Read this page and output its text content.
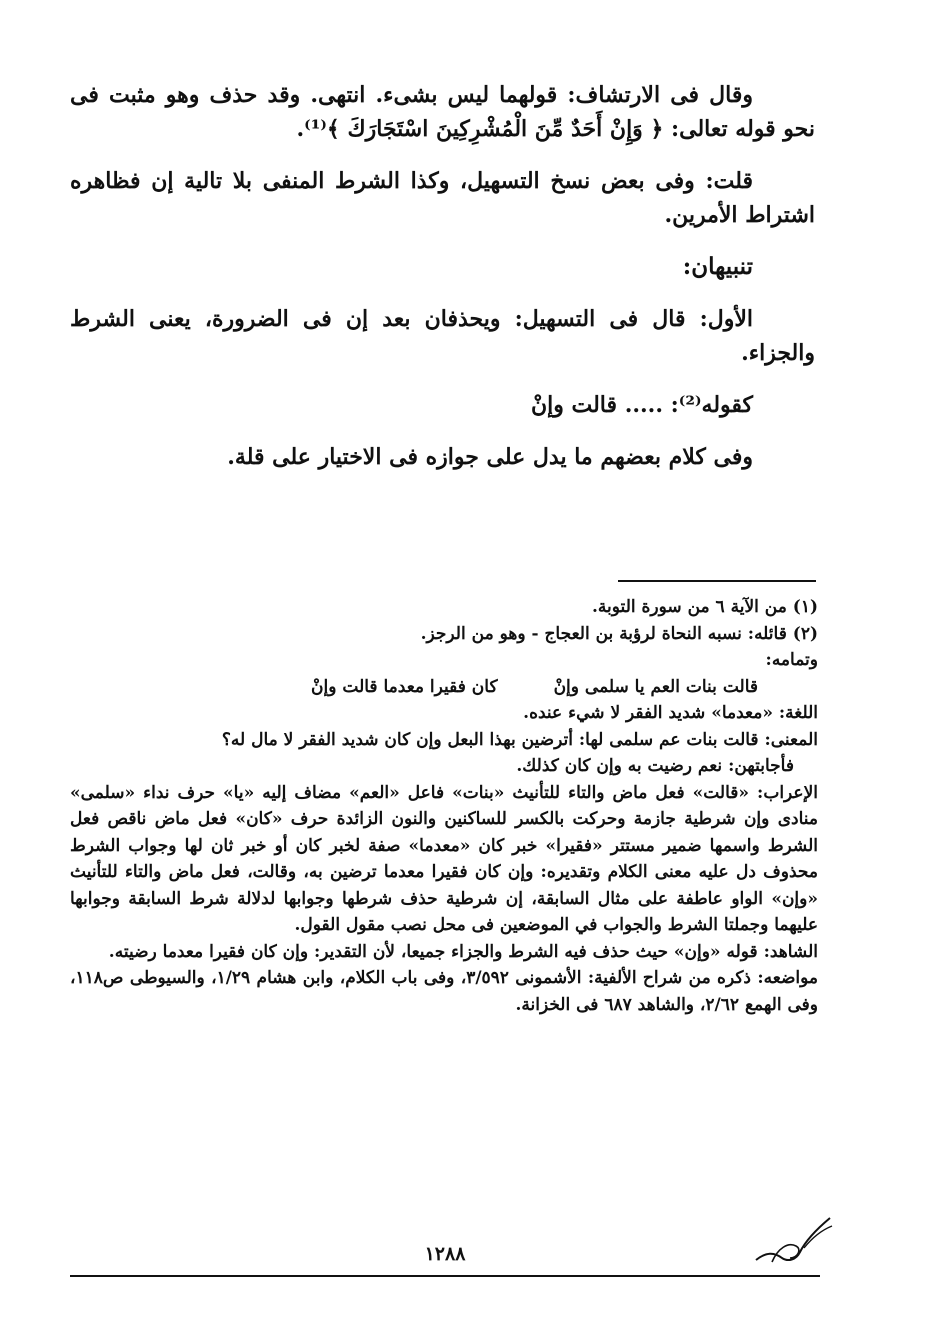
وقال فى الارتشاف: قولهما ليس بشىء. انتهى. وقد حذف وهو مثبت فى نحو قوله تعالى: ﴿ وَإِنْ أَحَدٌ مِّنَ الْمُشْرِكِينَ اسْتَجَارَكَ ﴾⁽¹⁾.

قلت: وفى بعض نسخ التسهيل، وكذا الشرط المنفى بلا تالية إن فظاهره اشتراط الأمرين.

تنبيهان:

الأول: قال فى التسهيل: ويحذفان بعد إن فى الضرورة، يعنى الشرط والجزاء.

كقوله⁽²⁾: ..... قالت وإنْ

وفى كلام بعضهم ما يدل على جوازه فى الاختيار على قلة.

(١) من الآية ٦ من سورة التوبة.

(٢) قائله: نسبه النحاة لرؤبة بن العجاج - وهو من الرجز.

وتمامه:

قالت بنات العم يا سلمى وإنْ
كان فقيرا معدما قالت وإنْ

اللغة: «معدما» شديد الفقر لا شيء عنده.

المعنى: قالت بنات عم سلمى لها: أترضين بهذا البعل وإن كان شديد الفقر لا مال له؟

فأجابتهن: نعم رضيت به وإن كان كذلك.

الإعراب: «قالت» فعل ماض والتاء للتأنيث «بنات» فاعل «العم» مضاف إليه «يا» حرف نداء «سلمى» منادى وإن شرطية جازمة وحركت بالكسر للساكنين والنون الزائدة حرف «كان» فعل ماض ناقص فعل الشرط واسمها ضمير مستتر «فقيرا» خبر كان «معدما» صفة لخبر كان أو خبر ثان لها وجواب الشرط محذوف دل عليه معنى الكلام وتقديره: وإن كان فقيرا معدما ترضين به، وقالت، فعل ماض والتاء للتأنيث «وإن» الواو عاطفة على مثال السابقة، إن شرطية حذف شرطها وجوابها لدلالة شرط السابقة وجوابها عليهما وجملتا الشرط والجواب في الموضعين فى محل نصب مقول القول.

الشاهد: قوله «وإن» حيث حذف فيه الشرط والجزاء جميعا، لأن التقدير: وإن كان فقيرا معدما رضيته.

مواضعه: ذكره من شراح الألفية: الأشمونى ٣/٥٩٢، وفى باب الكلام، وابن هشام ١/٢٩، والسيوطى ص١١٨، وفى الهمع ٢/٦٢، والشاهد ٦٨٧ فى الخزانة.

١٢٨٨
